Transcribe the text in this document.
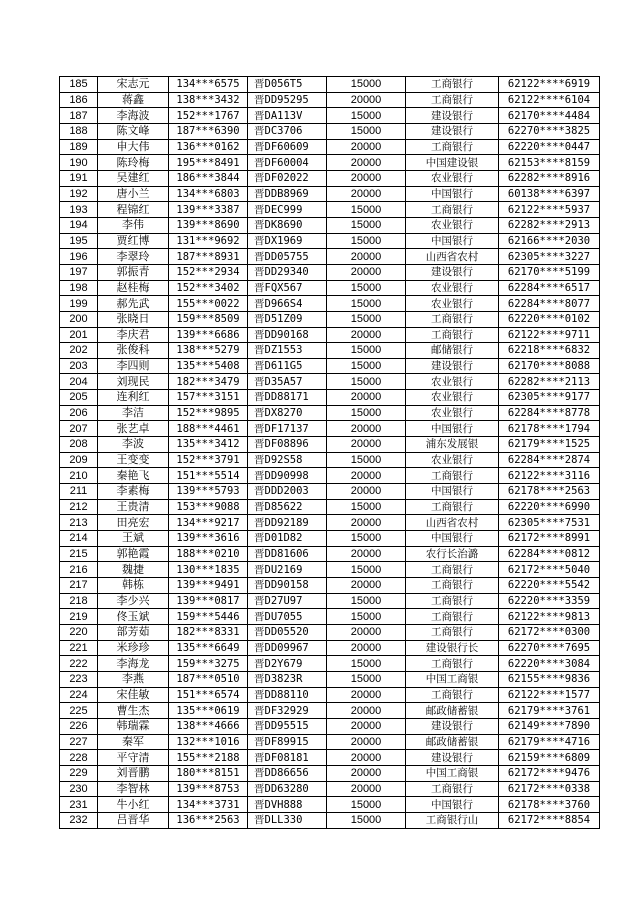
185	宋志元	134***6575	晋D056T5	15000	工商银行	62122****6919
186	蒋鑫	138***3432	晋DD95295	20000	工商银行	62122****6104
187	李海波	152***1767	晋DA113V	15000	建设银行	62170****4484
188	陈文峰	187***6390	晋DC3706	15000	建设银行	62270****3825
189	申大伟	136***0162	晋DF60609	20000	工商银行	62220****0447
190	陈玲梅	195***8491	晋DF60004	20000	中国建设银	62153****8159
191	吴建红	186***3844	晋DF02022	20000	农业银行	62282****8916
192	唐小兰	134***6803	晋DDB8969	20000	中国银行	60138****6397
193	程锦红	139***3387	晋DEC999	15000	工商银行	62122****5937
194	李伟	139***8690	晋DK8690	15000	农业银行	62282****2913
195	贾红博	131***9692	晋DX1969	15000	中国银行	62166****2030
196	李翠玲	187***8931	晋DD05755	20000	山西省农村	62305****3227
197	郭振青	152***2934	晋DD29340	20000	建设银行	62170****5199
198	赵桂梅	152***3402	晋FQX567	15000	农业银行	62284****6517
199	郝先武	155***0022	晋D966S4	15000	农业银行	62284****8077
200	张晓日	159***8509	晋D51Z09	15000	工商银行	62220****0102
201	李庆君	139***6686	晋DD90168	20000	工商银行	62122****9711
202	张俊科	138***5279	晋DZ1553	15000	邮储银行	62218****6832
203	李四则	135***5408	晋D611G5	15000	建设银行	62170****8088
204	刘现民	182***3479	晋D35A57	15000	农业银行	62282****2113
205	连利红	157***3151	晋DD88171	20000	农业银行	62305****9177
206	李洁	152***9895	晋DX8270	15000	农业银行	62284****8778
207	张艺卓	188***4461	晋DF17137	20000	中国银行	62178****1794
208	李波	135***3412	晋DF08896	20000	浦东发展银	62179****1525
209	王变变	152***3791	晋D92S58	15000	农业银行	62284****2874
210	秦艳飞	151***5514	晋DD90998	20000	工商银行	62122****3116
211	李素梅	139***5793	晋DDD2003	20000	中国银行	62178****2563
212	王贵清	153***9088	晋D85622	15000	工商银行	62220****6990
213	田亮宏	134***9217	晋DD92189	20000	山西省农村	62305****7531
214	王斌	139***3616	晋D01D82	15000	中国银行	62172****8991
215	郭艳霞	188***0210	晋DD81606	20000	农行长治潞	62284****0812
216	魏捷	130***1835	晋DU2169	15000	工商银行	62172****5040
217	韩栋	139***9491	晋DD90158	20000	工商银行	62220****5542
218	李少兴	139***0817	晋D27U97	15000	工商银行	62220****3359
219	佟玉斌	159***5446	晋DU7055	15000	工商银行	62122****9813
220	部芳茹	182***8331	晋DD05520	20000	工商银行	62172****0300
221	米珍珍	135***6649	晋DD09967	20000	建设银行长	62270****7695
222	李海龙	159***3275	晋D2Y679	15000	工商银行	62220****3084
223	李燕	187***0510	晋D3823R	15000	中国工商银	62155****9836
224	宋佳敏	151***6574	晋DD88110	20000	工商银行	62122****1577
225	曹生杰	135***0619	晋DF32929	20000	邮政储蓄银	62179****3761
226	韩瑞霖	138***4666	晋DD95515	20000	建设银行	62149****7890
227	秦军	132***1016	晋DF89915	20000	邮政储蓄银	62179****4716
228	平守清	155***2188	晋DF08181	20000	建设银行	62159****6809
229	刘晋鹏	180***8151	晋DD86656	20000	中国工商银	62172****9476
230	李智林	139***8753	晋DD63280	20000	工商银行	62172****0338
231	牛小红	134***3731	晋DVH888	15000	中国银行	62178****3760
232	吕晋华	136***2563	晋DLL330	15000	工商银行山	62172****8854
